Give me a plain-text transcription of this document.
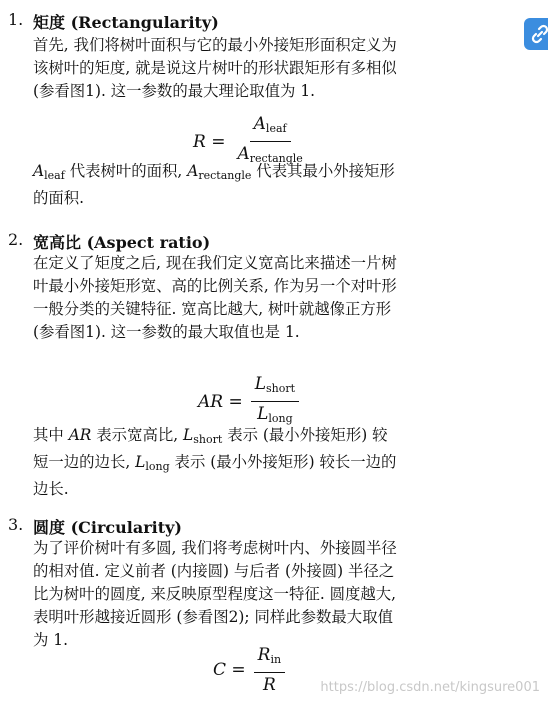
1. 矩度 (Rectangularity)
首先, 我们将树叶面积与它的最小外接矩形面积定义为
该树叶的矩度, 就是说这片树叶的形状跟矩形有多相似
(参看图1). 这一参数的最大理论取值为 1.
$R = \frac{A_{leaf}}{A_{rectangle}}$
$A_{leaf}$ 代表树叶的面积, $A_{rectangle}$ 代表其最小外接矩形
的面积.
2. 宽高比 (Aspect ratio)
在定义了矩度之后, 现在我们定义宽高比来描述一片树
叶最小外接矩形宽、高的比例关系, 作为另一个对叶形
一般分类的关键特征. 宽高比越大, 树叶就越像正方形
(参看图1). 这一参数的最大取值也是 1.
AR = $\frac{L_{short}}{L_{long}}$
其中 AR 表示宽高比, $L_{short}$ 表示 (最小外接矩形) 较
短一边的边长, $L_{long}$ 表示 (最小外接矩形) 较长一边的
边长.
3. 圆度 (Circularity)
为了评价树叶有多圆, 我们将考虑树叶内、外接圆半径
的相对值. 定义前者 (内接圆) 与后者 (外接圆) 半径之
比为树叶的圆度, 来反映原型程度这一特征. 圆度越大,
表明叶形越接近圆形 (参看图2); 同样此参数最大取值
为 1.
$C = \frac{R_{in}}{R}$	https://blog.csdn.net/kingsure001
